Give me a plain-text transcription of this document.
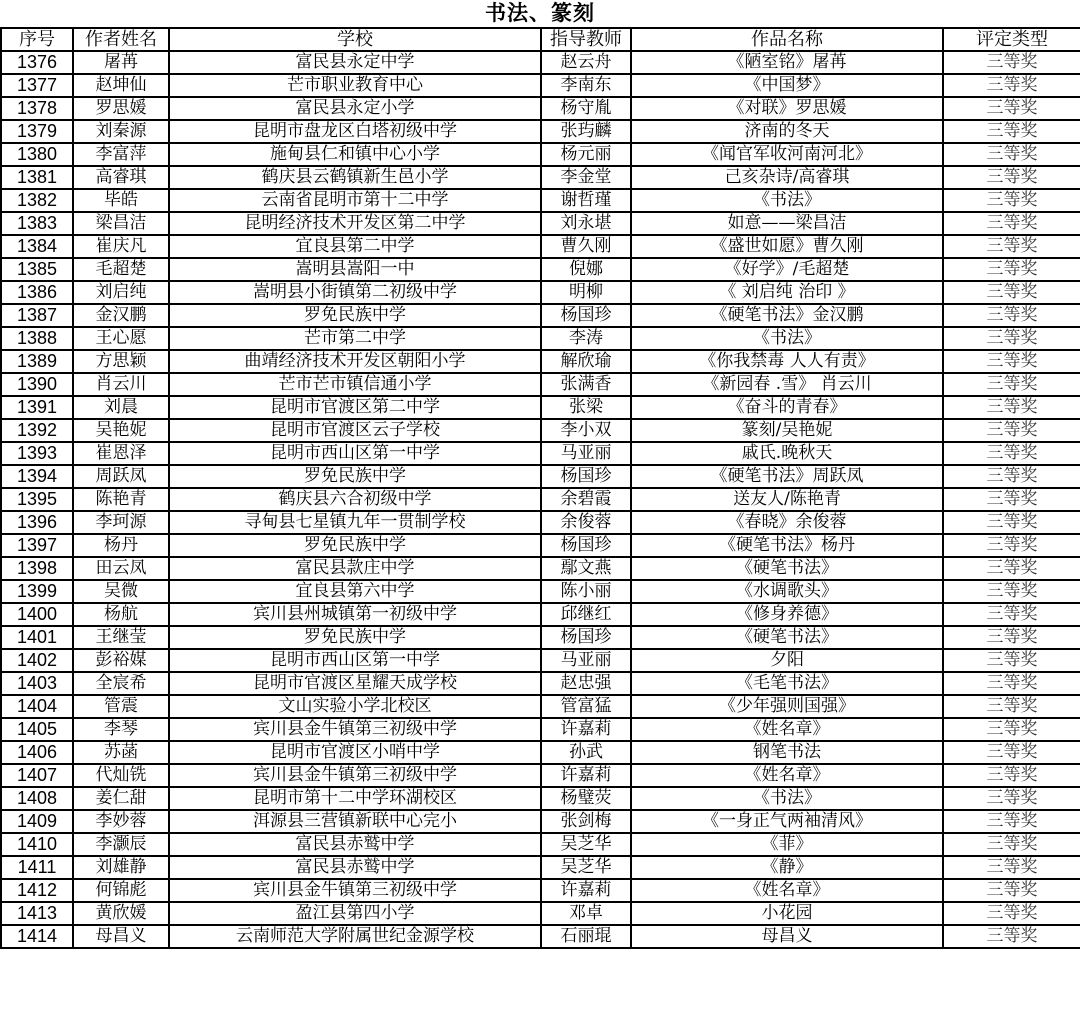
书法、篆刻
序号	作者姓名	学校	指导教师	作品名称	评定类型
1376	屠苒	富民县永定中学	赵云舟	《陋室铭》屠苒	三等奖
1377	赵坤仙	芒市职业教育中心	李南东	《中国梦》	三等奖
1378	罗思媛	富民县永定小学	杨守胤	《对联》罗思媛	三等奖
1379	刘秦源	昆明市盘龙区白塔初级中学	张玙麟	济南的冬天	三等奖
1380	李富萍	施甸县仁和镇中心小学	杨元丽	《闻官军收河南河北》	三等奖
1381	高睿琪	鹤庆县云鹤镇新生邑小学	李金堂	己亥杂诗/高睿琪	三等奖
1382	毕皓	云南省昆明市第十二中学	谢哲瑾	《书法》	三等奖
1383	梁昌洁	昆明经济技术开发区第二中学	刘永堪	如意——梁昌洁	三等奖
1384	崔庆凡	宜良县第二中学	曹久刚	《盛世如愿》曹久刚	三等奖
1385	毛超楚	嵩明县嵩阳一中	倪娜	《好学》/毛超楚	三等奖
1386	刘启纯	嵩明县小街镇第二初级中学	明柳	《 刘启纯 治印 》	三等奖
1387	金汉鹏	罗免民族中学	杨国珍	《硬笔书法》金汉鹏	三等奖
1388	王心愿	芒市第二中学	李涛	《书法》	三等奖
1389	方思颖	曲靖经济技术开发区朝阳小学	解欣瑜	《你我禁毒 人人有责》	三等奖
1390	肖云川	芒市芒市镇信通小学	张满香	《新园春 .雪》 肖云川	三等奖
1391	刘晨	昆明市官渡区第二中学	张梁	《奋斗的青春》	三等奖
1392	吴艳妮	昆明市官渡区云子学校	李小双	篆刻/吴艳妮	三等奖
1393	崔恩泽	昆明市西山区第一中学	马亚丽	戚氏.晚秋天	三等奖
1394	周跃凤	罗免民族中学	杨国珍	《硬笔书法》周跃凤	三等奖
1395	陈艳青	鹤庆县六合初级中学	余碧霞	送友人/陈艳青	三等奖
1396	李珂源	寻甸县七星镇九年一贯制学校	余俊蓉	《春晓》余俊蓉	三等奖
1397	杨丹	罗免民族中学	杨国珍	《硬笔书法》杨丹	三等奖
1398	田云凤	富民县款庄中学	鄢文燕	《硬笔书法》	三等奖
1399	吴微	宜良县第六中学	陈小丽	《水调歌头》	三等奖
1400	杨航	宾川县州城镇第一初级中学	邱继红	《修身养德》	三等奖
1401	王继莹	罗免民族中学	杨国珍	《硬笔书法》	三等奖
1402	彭裕媒	昆明市西山区第一中学	马亚丽	夕阳	三等奖
1403	全宸希	昆明市官渡区星耀天成学校	赵忠强	《毛笔书法》	三等奖
1404	管震	文山实验小学北校区	管富猛	《少年强则国强》	三等奖
1405	李琴	宾川县金牛镇第三初级中学	许嘉莉	《姓名章》	三等奖
1406	苏菡	昆明市官渡区小哨中学	孙武	钢笔书法	三等奖
1407	代灿铣	宾川县金牛镇第三初级中学	许嘉莉	《姓名章》	三等奖
1408	姜仁甜	昆明市第十二中学环湖校区	杨璧荧	《书法》	三等奖
1409	李妙蓉	洱源县三营镇新联中心完小	张剑梅	《一身正气两袖清风》	三等奖
1410	李灏辰	富民县赤鹫中学	吴芝华	《菲》	三等奖
1411	刘雄静	富民县赤鹫中学	吴芝华	《静》	三等奖
1412	何锦彪	宾川县金牛镇第三初级中学	许嘉莉	《姓名章》	三等奖
1413	黄欣媛	盈江县第四小学	邓卓	小花园	三等奖
1414	母昌义	云南师范大学附属世纪金源学校	石丽琨	母昌义	三等奖
